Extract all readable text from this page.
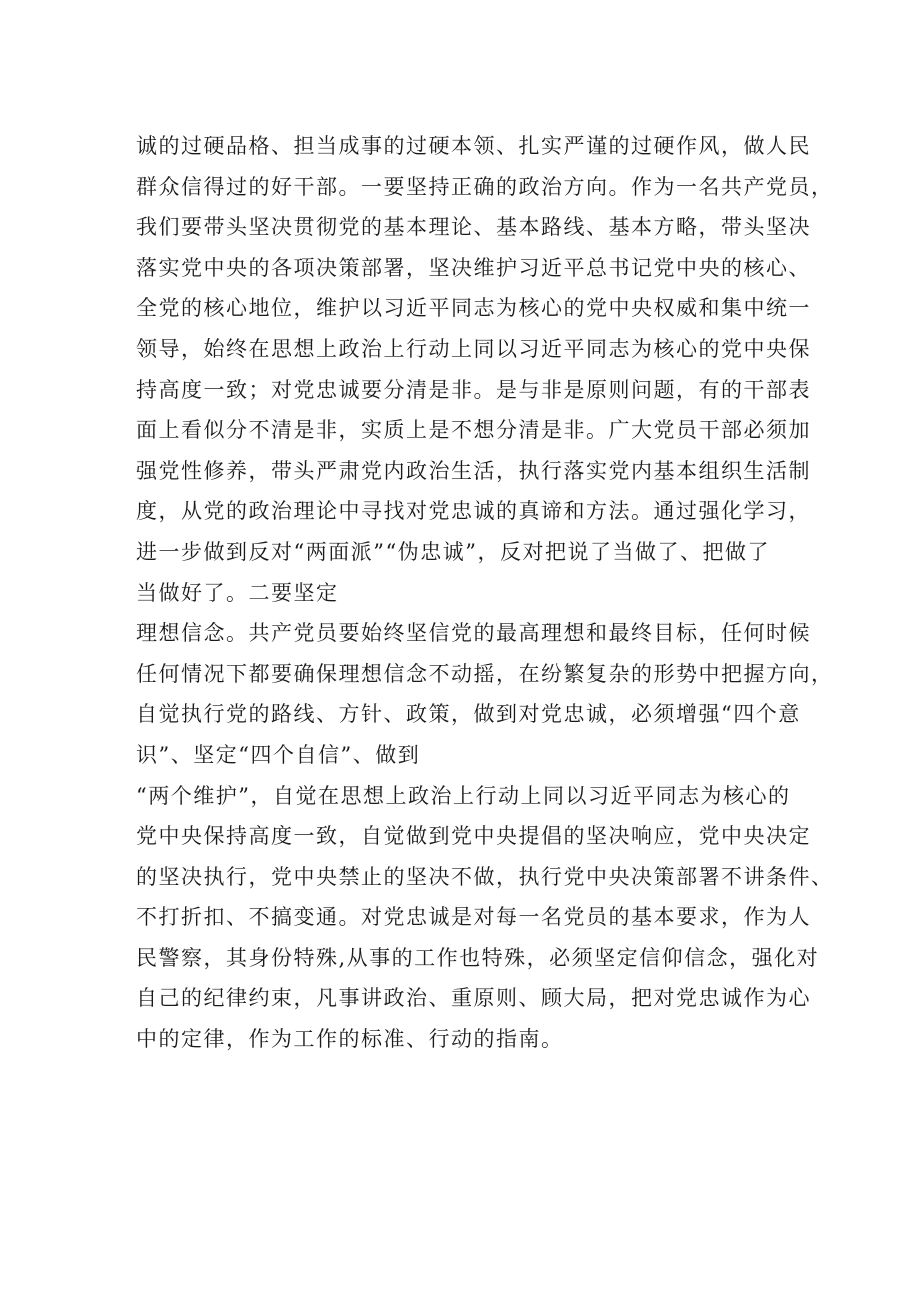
诚的过硬品格、担当成事的过硬本领、扎实严谨的过硬作风，做人民
群众信得过的好干部。一要坚持正确的政治方向。作为一名共产党员，
我们要带头坚决贯彻党的基本理论、基本路线、基本方略，带头坚决
落实党中央的各项决策部署，坚决维护习近平总书记党中央的核心、
全党的核心地位，维护以习近平同志为核心的党中央权威和集中统一
领导，始终在思想上政治上行动上同以习近平同志为核心的党中央保
持高度一致；对党忠诚要分清是非。是与非是原则问题，有的干部表
面上看似分不清是非，实质上是不想分清是非。广大党员干部必须加
强党性修养，带头严肃党内政治生活，执行落实党内基本组织生活制
度，从党的政治理论中寻找对党忠诚的真谛和方法。通过强化学习，
进一步做到反对“两面派”“伪忠诚”，反对把说了当做了、把做了
当做好了。二要坚定
理想信念。共产党员要始终坚信党的最高理想和最终目标，任何时候
任何情况下都要确保理想信念不动摇，在纷繁复杂的形势中把握方向，
自觉执行党的路线、方针、政策，做到对党忠诚，必须增强“四个意
识”、坚定“四个自信”、做到
“两个维护”，自觉在思想上政治上行动上同以习近平同志为核心的
党中央保持高度一致，自觉做到党中央提倡的坚决响应，党中央决定
的坚决执行，党中央禁止的坚决不做，执行党中央决策部署不讲条件、
不打折扣、不搞变通。对党忠诚是对每一名党员的基本要求，作为人
民警察，其身份特殊,从事的工作也特殊，必须坚定信仰信念，强化对
自己的纪律约束，凡事讲政治、重原则、顾大局，把对党忠诚作为心
中的定律，作为工作的标准、行动的指南。
